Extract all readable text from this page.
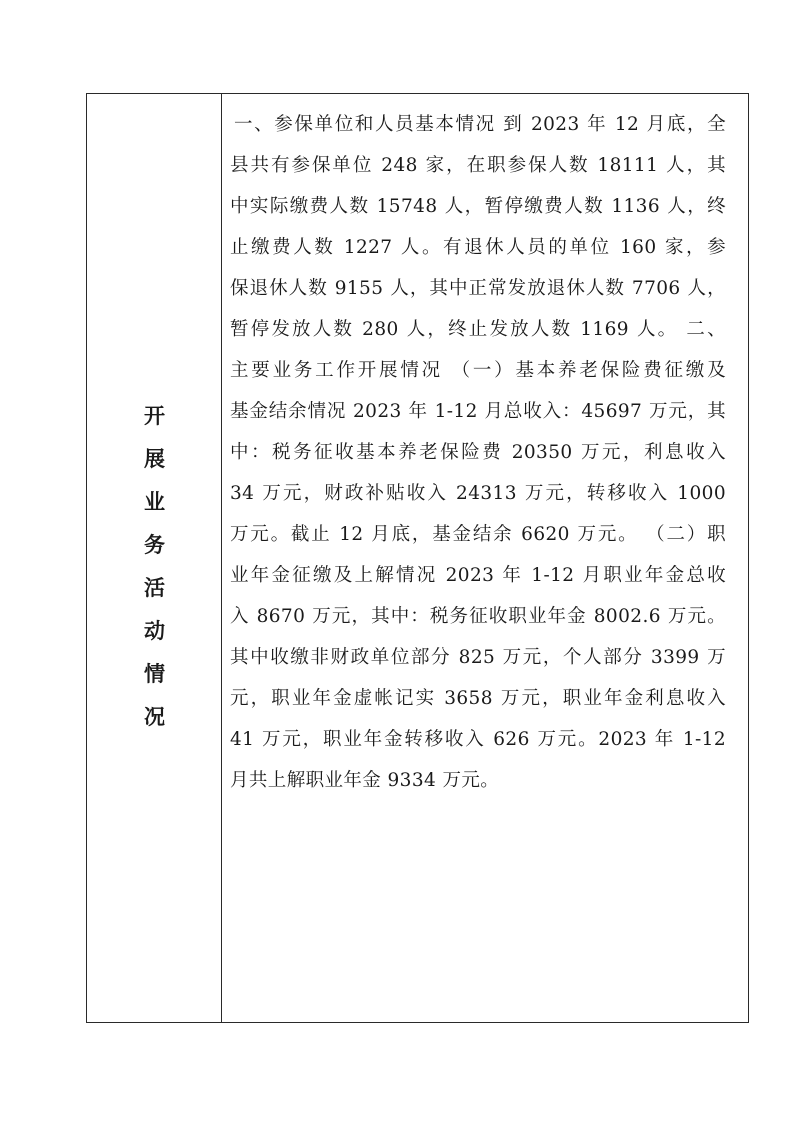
开
展
业
务
活
动
情
况
一、参保单位和人员基本情况 到 2023 年 12 月底，全
县共有参保单位 248 家，在职参保人数 18111 人，其
中实际缴费人数 15748 人，暂停缴费人数 1136 人，终
止缴费人数 1227 人。有退休人员的单位 160 家，参
保退休人数 9155 人，其中正常发放退休人数 7706 人，
暂停发放人数 280 人，终止发放人数 1169 人。 二、
主要业务工作开展情况 （一）基本养老保险费征缴及
基金结余情况 2023 年 1-12 月总收入：45697 万元，其
中：税务征收基本养老保险费 20350 万元，利息收入
34 万元，财政补贴收入 24313 万元，转移收入 1000
万元。截止 12 月底，基金结余 6620 万元。 （二）职
业年金征缴及上解情况 2023 年 1-12 月职业年金总收
入 8670 万元，其中：税务征收职业年金 8002.6 万元。
其中收缴非财政单位部分 825 万元，个人部分 3399 万
元，职业年金虚帐记实 3658 万元，职业年金利息收入
41 万元，职业年金转移收入 626 万元。2023 年 1-12
月共上解职业年金 9334 万元。
